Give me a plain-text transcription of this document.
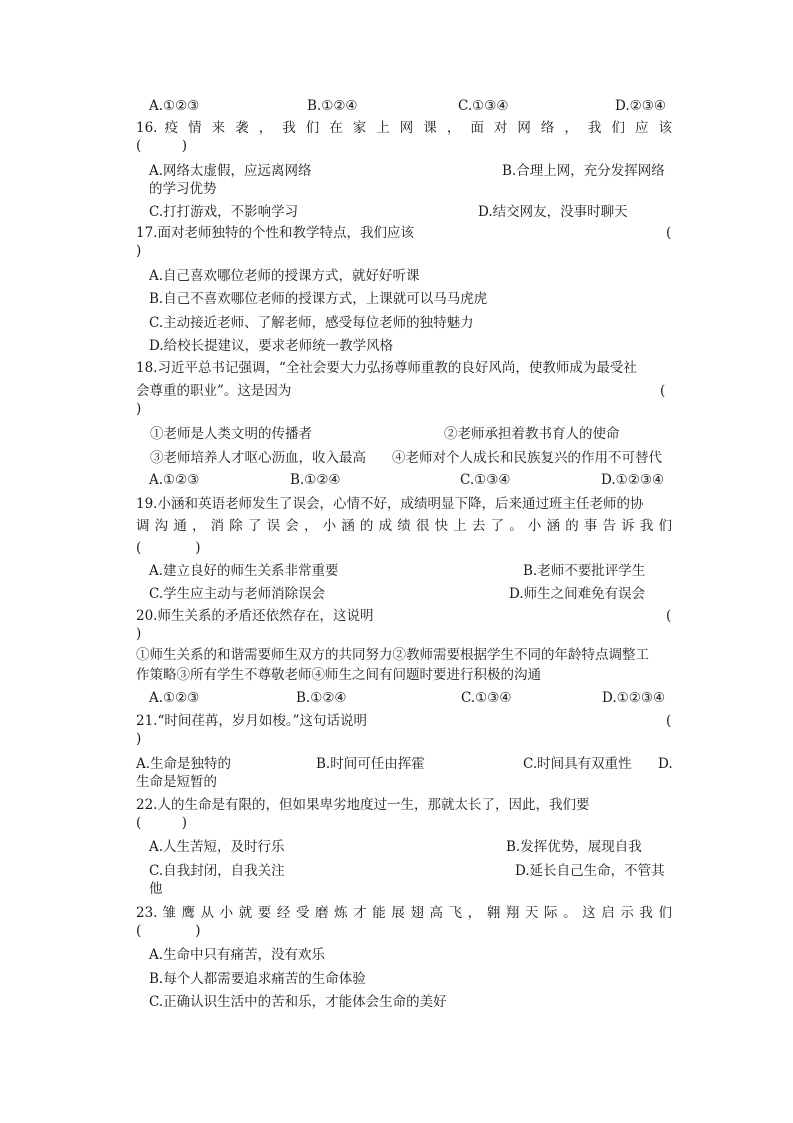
A.①②③	B.①②④	C.①③④	D.②③④
16. 疫 情 来 袭 ， 我 们 在 家 上 网 课 ， 面 对 网 络 ， 我 们 应 该
(　　　)
A.网络太虚假，应远离网络	B.合理上网，充分发挥网络
的学习优势
C.打打游戏，不影响学习	D.结交网友，没事时聊天
17.面对老师独特的个性和教学特点，我们应该	(
)
A.自己喜欢哪位老师的授课方式，就好好听课
B.自己不喜欢哪位老师的授课方式，上课就可以马马虎虎
C.主动接近老师、了解老师，感受每位老师的独特魅力
D.给校长提建议，要求老师统一教学风格
18.习近平总书记强调，“全社会要大力弘扬尊师重教的良好风尚，使教师成为最受社
会尊重的职业”。这是因为	(
)
①老师是人类文明的传播者	②老师承担着教书育人的使命
③老师培养人才呕心沥血，收入最高 ④老师对个人成长和民族复兴的作用不可替代
A.①②③	B.①②④	C.①③④	D.①②③④
19.小涵和英语老师发生了误会，心情不好，成绩明显下降，后来通过班主任老师的协
调 沟 通 ， 消 除 了 误 会 ， 小 涵 的 成 绩 很 快 上 去 了 。 小 涵 的 事 告 诉 我 们
(　　　　)
A.建立良好的师生关系非常重要	B.老师不要批评学生
C.学生应主动与老师消除误会	D.师生之间难免有误会
20.师生关系的矛盾还依然存在，这说明	(
)
①师生关系的和谐需要师生双方的共同努力②教师需要根据学生不同的年龄特点调整工
作策略③所有学生不尊敬老师④师生之间有问题时要进行积极的沟通
A.①②③	B.①②④	C.①③④	D.①②③④
21.“时间荏苒，岁月如梭。”这句话说明	(
)
A.生命是独特的	B.时间可任由挥霍	C.时间具有双重性 D.
生命是短暂的
22.人的生命是有限的，但如果卑劣地度过一生，那就太长了，因此，我们要
(　　　)
A.人生苦短，及时行乐	B.发挥优势，展现自我
C.自我封闭，自我关注	D.延长自己生命，不管其
他
23. 雏 鹰 从 小 就 要 经 受 磨 炼 才 能 展 翅 高 飞 ， 翱 翔 天 际 。 这 启 示 我 们
(　　　　)
A.生命中只有痛苦，没有欢乐
B.每个人都需要追求痛苦的生命体验
C.正确认识生活中的苦和乐，才能体会生命的美好
